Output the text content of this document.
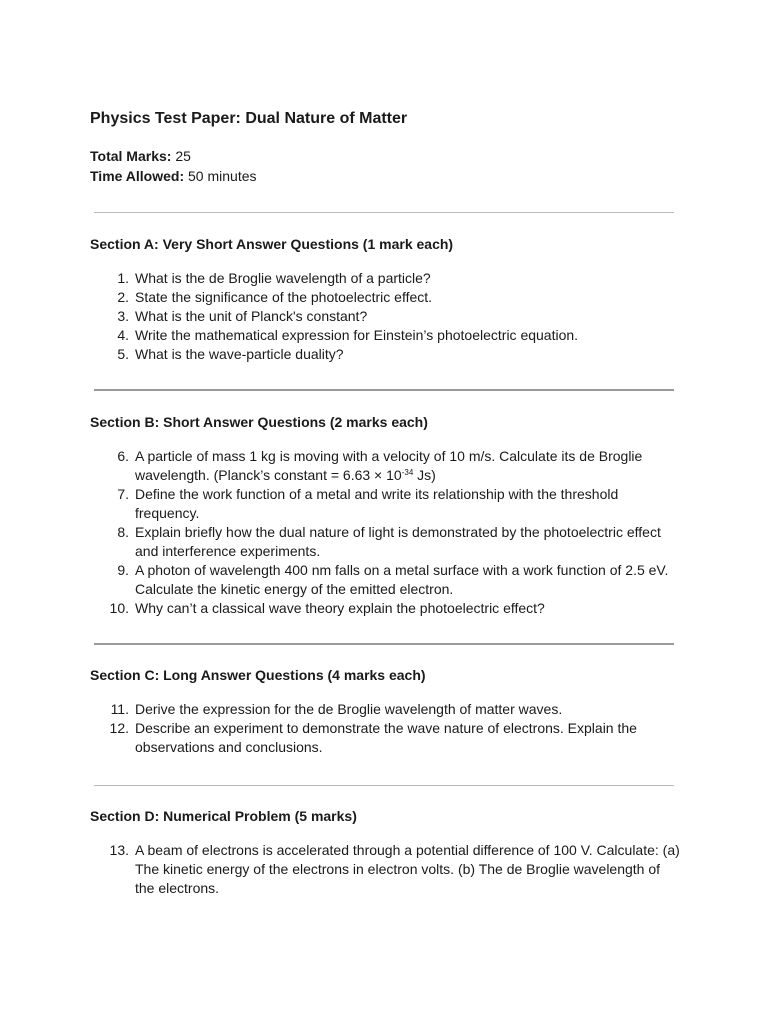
Physics Test Paper: Dual Nature of Matter
Total Marks: 25
Time Allowed: 50 minutes
Section A: Very Short Answer Questions (1 mark each)
1. What is the de Broglie wavelength of a particle?
2. State the significance of the photoelectric effect.
3. What is the unit of Planck's constant?
4. Write the mathematical expression for Einstein’s photoelectric equation.
5. What is the wave-particle duality?
Section B: Short Answer Questions (2 marks each)
6. A particle of mass 1 kg is moving with a velocity of 10 m/s. Calculate its de Broglie wavelength. (Planck’s constant = $6.63 \times 10^{-34}$ Js)
7. Define the work function of a metal and write its relationship with the threshold frequency.
8. Explain briefly how the dual nature of light is demonstrated by the photoelectric effect and interference experiments.
9. A photon of wavelength 400 nm falls on a metal surface with a work function of 2.5 eV. Calculate the kinetic energy of the emitted electron.
10. Why can’t a classical wave theory explain the photoelectric effect?
Section C: Long Answer Questions (4 marks each)
11. Derive the expression for the de Broglie wavelength of matter waves.
12. Describe an experiment to demonstrate the wave nature of electrons. Explain the observations and conclusions.
Section D: Numerical Problem (5 marks)
13. A beam of electrons is accelerated through a potential difference of 100 V. Calculate: (a) The kinetic energy of the electrons in electron volts. (b) The de Broglie wavelength of the electrons.
